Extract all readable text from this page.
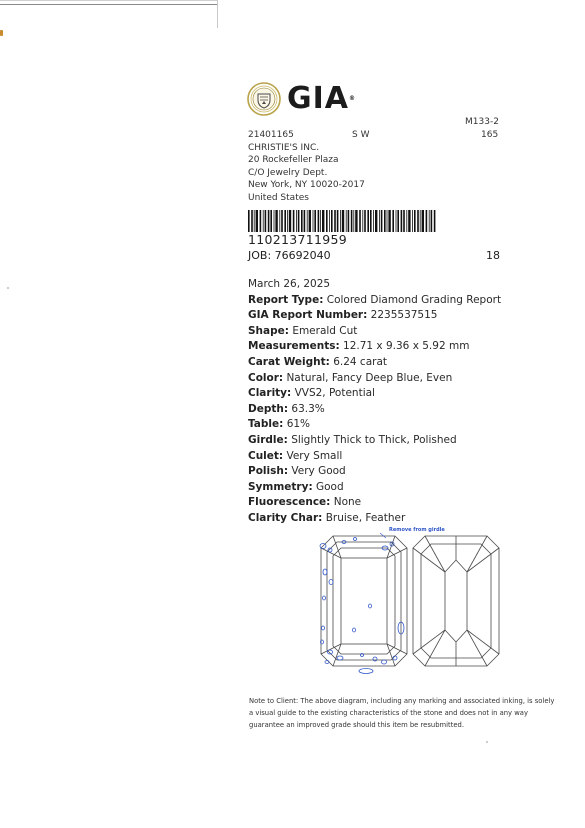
GIA®
M133-2
165
21401165	S W
CHRISTIE'S INC.
20 Rockefeller Plaza
C/O Jewelry Dept.
New York, NY 10020-2017
United States
110213711959
JOB: 76692040	18
March 26, 2025
Report Type: Colored Diamond Grading Report
GIA Report Number: 2235537515
Shape: Emerald Cut
Measurements: 12.71 x 9.36 x 5.92 mm
Carat Weight: 6.24 carat
Color: Natural, Fancy Deep Blue, Even
Clarity: VVS2, Potential
Depth: 63.3%
Table: 61%
Girdle: Slightly Thick to Thick, Polished
Culet: Very Small
Polish: Very Good
Symmetry: Good
Fluorescence: None
Clarity Char: Bruise, Feather
Remove from girdle
Note to Client: The above diagram, including any marking and associated inking, is solely
a visual guide to the existing characteristics of the stone and does not in any way
guarantee an improved grade should this item be resubmitted.
